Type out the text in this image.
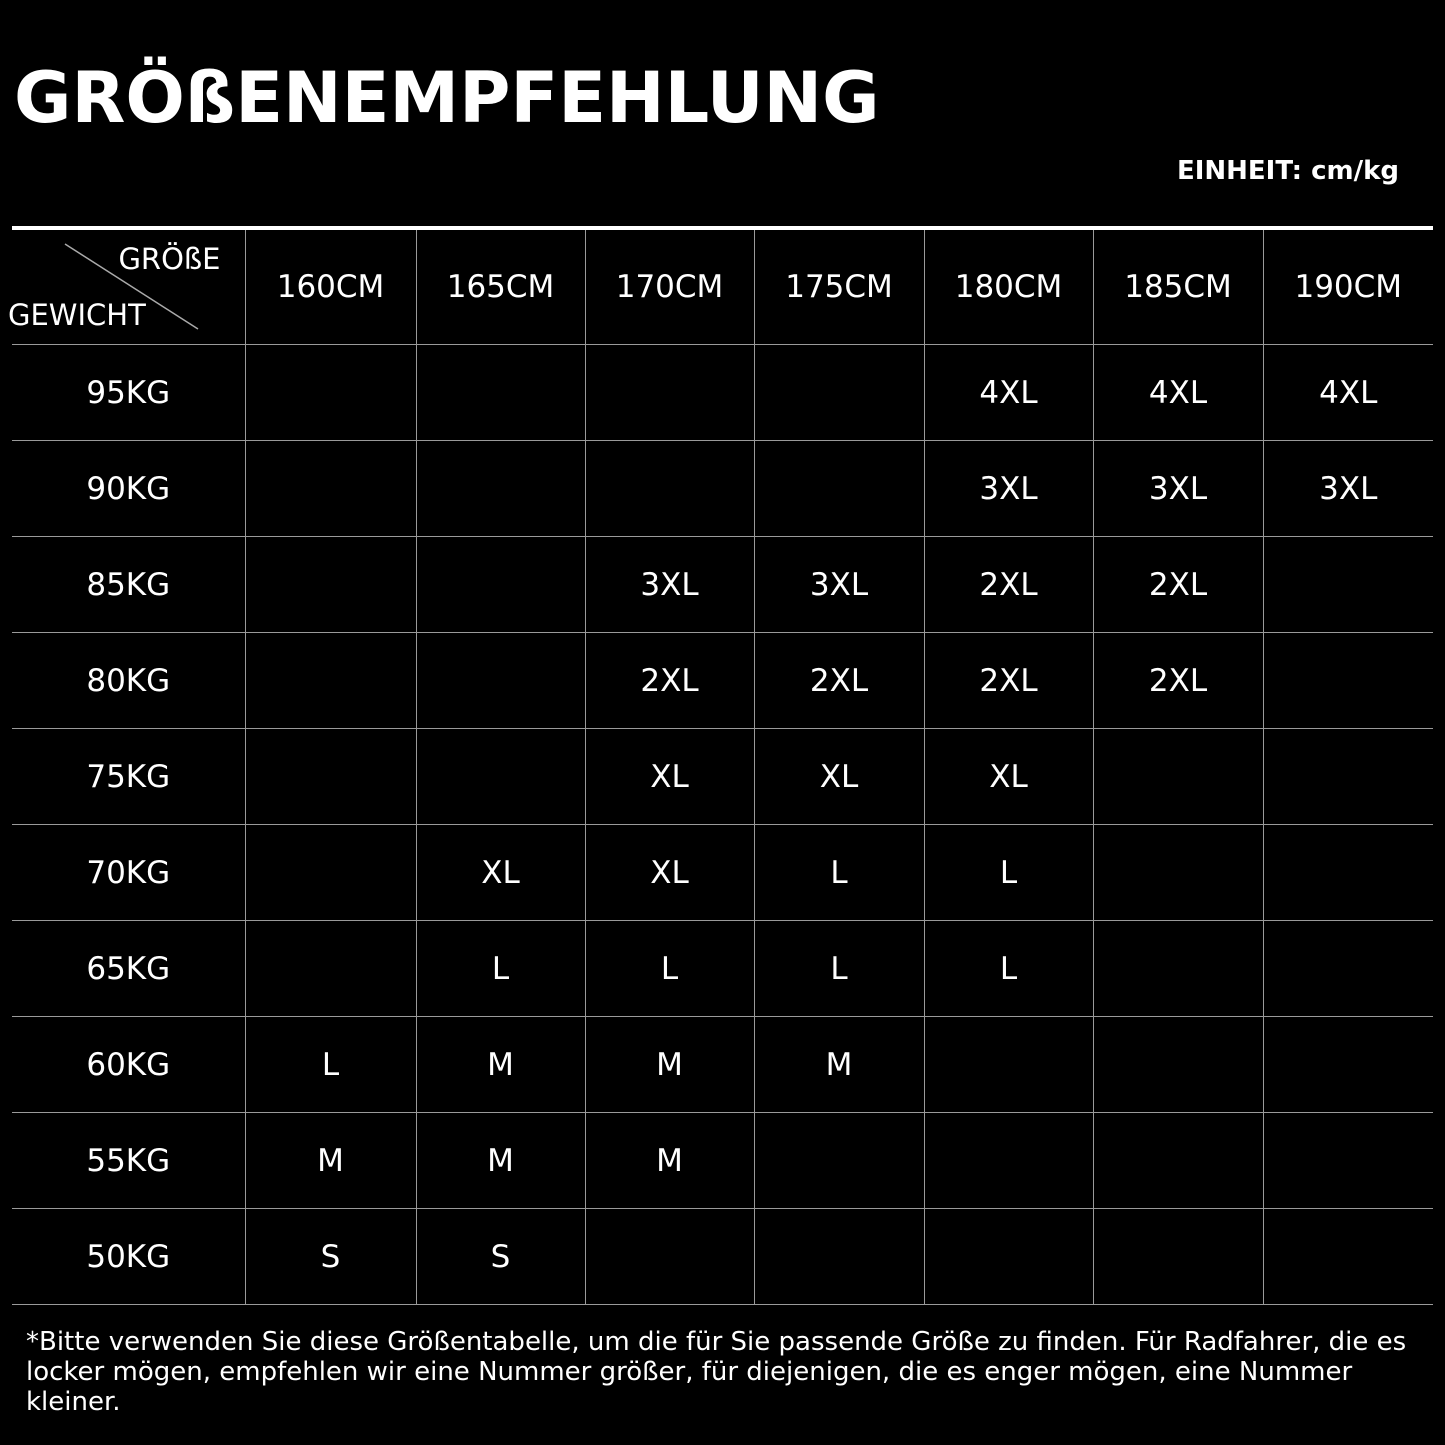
GRÖßENEMPFEHLUNG
EINHEIT: cm/kg
GRÖßE
GEWICHT	160CM	165CM	170CM	175CM	180CM	185CM	190CM
95KG					4XL	4XL	4XL
90KG					3XL	3XL	3XL
85KG			3XL	3XL	2XL	2XL	
80KG			2XL	2XL	2XL	2XL	
75KG			XL	XL	XL		
70KG		XL	XL	L	L		
65KG		L	L	L	L		
60KG	L	M	M	M			
55KG	M	M	M				
50KG	S	S					
*Bitte verwenden Sie diese Größentabelle, um die für Sie passende Größe zu finden. Für Radfahrer, die es locker mögen, empfehlen wir eine Nummer größer, für diejenigen, die es enger mögen, eine Nummer kleiner.
